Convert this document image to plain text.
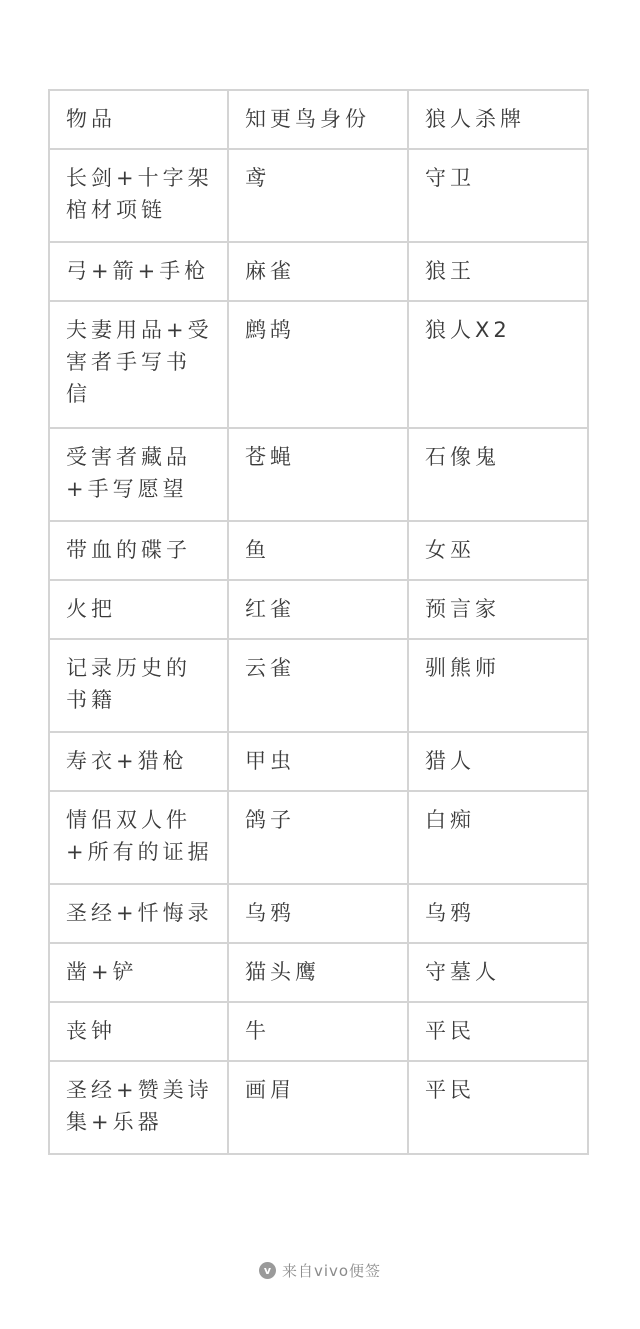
物品	知更鸟身份	狼人杀牌
长剑+十字架棺材项链	鸢	守卫
弓+箭+手枪	麻雀	狼王
夫妻用品+受害者手写书信	鹧鸪	狼人X2
受害者藏品+手写愿望	苍蝇	石像鬼
带血的碟子	鱼	女巫
火把	红雀	预言家
记录历史的书籍	云雀	驯熊师
寿衣+猎枪	甲虫	猎人
情侣双人件+所有的证据	鸽子	白痴
圣经+忏悔录	乌鸦	乌鸦
凿+铲	猫头鹰	守墓人
丧钟	牛	平民
圣经+赞美诗集+乐器	画眉	平民
v 来自vivo便签
